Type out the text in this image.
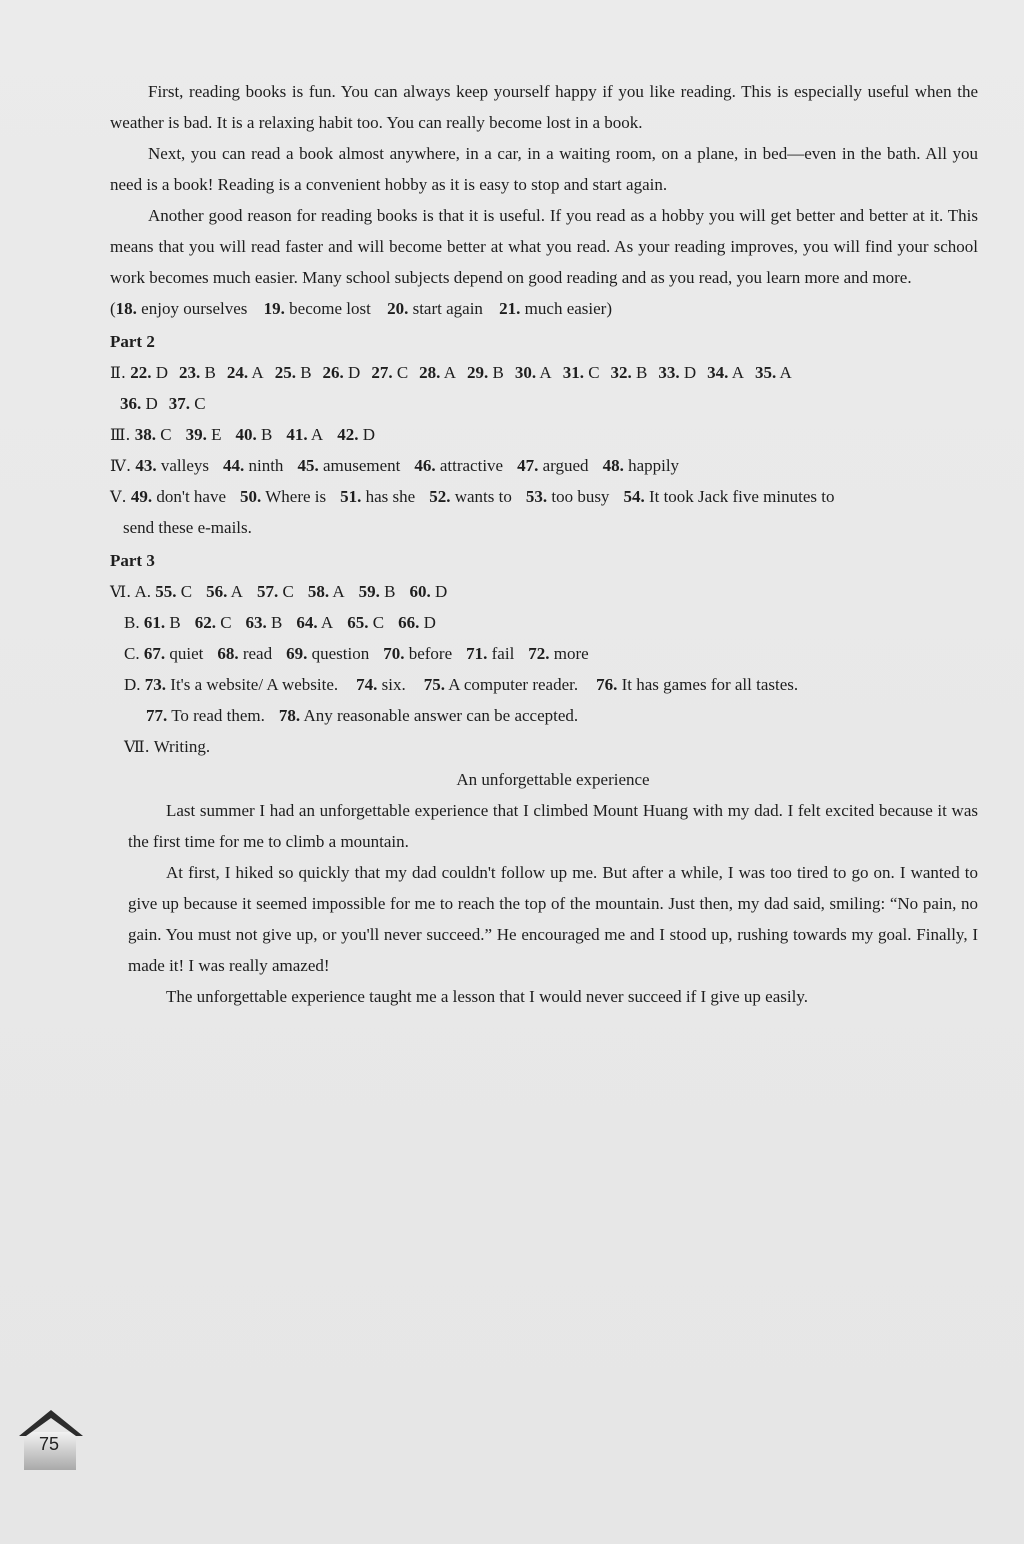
First, reading books is fun. You can always keep yourself happy if you like reading. This is especially useful when the weather is bad. It is a relaxing habit too. You can really become lost in a book.

Next, you can read a book almost anywhere, in a car, in a waiting room, on a plane, in bed—even in the bath. All you need is a book! Reading is a convenient hobby as it is easy to stop and start again.

Another good reason for reading books is that it is useful. If you read as a hobby you will get better and better at it. This means that you will read faster and will become better at what you read. As your reading improves, you will find your school work becomes much easier. Many school subjects depend on good reading and as you read, you learn more and more.

(18. enjoy ourselves 19. become lost 20. start again 21. much easier)
Part 2
Ⅱ. 22. D 23. B 24. A 25. B 26. D 27. C 28. A 29. B 30. A 31. C 32. B 33. D 34. A 35. A
36. D 37. C
Ⅲ. 38. C 39. E 40. B 41. A 42. D
Ⅳ. 43. valleys 44. ninth 45. amusement 46. attractive 47. argued 48. happily
Ⅴ. 49. don't have 50. Where is 51. has she 52. wants to 53. too busy 54. It took Jack five minutes to
send these e-mails.
Part 3
Ⅵ. A. 55. C 56. A 57. C 58. A 59. B 60. D
B. 61. B 62. C 63. B 64. A 65. C 66. D
C. 67. quiet 68. read 69. question 70. before 71. fail 72. more
D. 73. It's a website/ A website. 74. six. 75. A computer reader. 76. It has games for all tastes.
77. To read them. 78. Any reasonable answer can be accepted.
Ⅶ. Writing.
An unforgettable experience

Last summer I had an unforgettable experience that I climbed Mount Huang with my dad. I felt excited because it was the first time for me to climb a mountain.

At first, I hiked so quickly that my dad couldn't follow up me. But after a while, I was too tired to go on. I wanted to give up because it seemed impossible for me to reach the top of the mountain. Just then, my dad said, smiling: “No pain, no gain. You must not give up, or you'll never succeed.” He encouraged me and I stood up, rushing towards my goal. Finally, I made it! I was really amazed!

The unforgettable experience taught me a lesson that I would never succeed if I give up easily.

75
